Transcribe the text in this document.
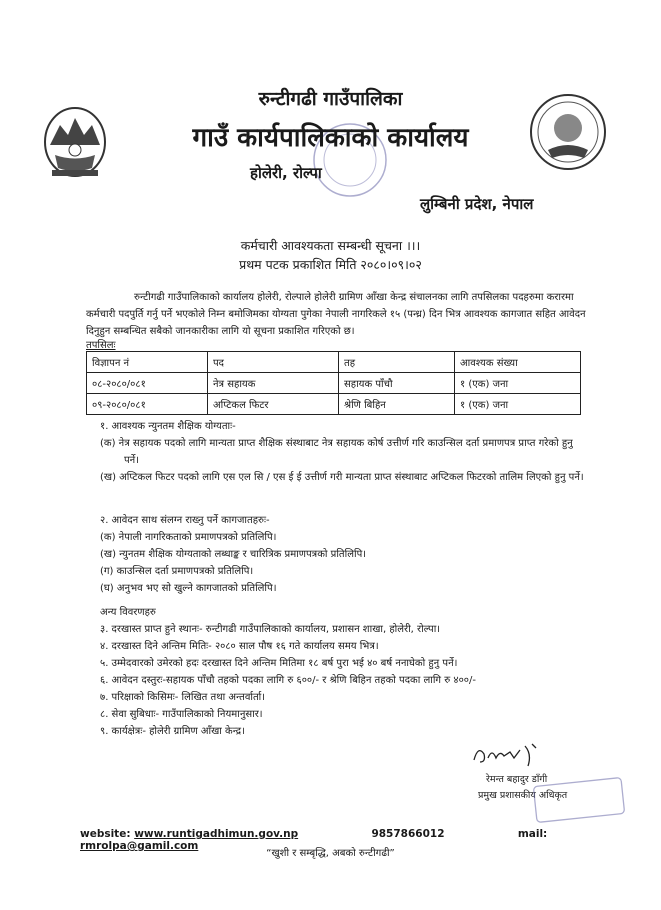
रुन्टीगढी गाउँपालिका
गाउँ कार्यपालिकाको कार्यालय
होलेरी, रोल्पा
लुम्बिनी प्रदेश, नेपाल
कर्मचारी आवश्यकता सम्बन्धी सूचना ।।।
प्रथम पटक प्रकाशित मिति २०८०।०९।०२
रुन्टीगढी गाउँपालिकाको कार्यालय होलेरी, रोल्पाले होलेरी ग्रामिण आँखा केन्द्र संचालनका लागि तपसिलका पदहरुमा करारमा कर्मचारी पदपुर्ति गर्नु पर्ने भएकोले निम्न बमोजिमका योग्यता पुगेका नेपाली नागरिकले १५ (पन्ध्र) दिन भित्र आवश्यक कागजात सहित आवेदन दिनुहुन सम्बन्धित सबैको जानकारीका लागि यो सूचना प्रकाशित गरिएको छ।
तपसिलः
विज्ञापन नं	पद	तह	आवश्यक संख्या
०८-२०८०/०८१	नेत्र सहायक	सहायक पाँचौ	१ (एक) जना
०९-२०८०/०८१	अप्टिकल फिटर	श्रेणि बिहिन	१ (एक) जना
१. आवश्यक न्युनतम शैक्षिक योग्यताः-
(क) नेत्र सहायक पदको लागि मान्यता प्राप्त शैक्षिक संस्थाबाट नेत्र सहायक कोर्ष उत्तीर्ण गरि काउन्सिल दर्ता प्रमाणपत्र प्राप्त गरेको हुनु पर्ने।
(ख) अप्टिकल फिटर पदको लागि एस एल सि / एस ई ई उत्तीर्ण गरी मान्यता प्राप्त संस्थाबाट अप्टिकल फिटरको तालिम लिएको हुनु पर्ने।
२. आवेदन साथ संलग्न राख्नु पर्ने कागजातहरुः-
(क) नेपाली नागरिकताको प्रमाणपत्रको प्रतिलिपि।
(ख) न्युनतम शैक्षिक योग्यताको लब्धाङ्क र चारित्रिक प्रमाणपत्रको प्रतिलिपि।
(ग) काउन्सिल दर्ता प्रमाणपत्रको प्रतिलिपि।
(घ) अनुभव भए सो खुल्ने कागजातको प्रतिलिपि।
अन्य विवरणहरु
३. दरखास्त प्राप्त हुने स्थानः- रुन्टीगढी गाउँपालिकाको कार्यालय, प्रशासन शाखा, होलेरी, रोल्पा।
४. दरखास्त दिने अन्तिम मितिः- २०८० साल पौष १६ गते कार्यालय समय भित्र।
५. उम्मेदवारको उमेरको हदः दरखास्त दिने अन्तिम मितिमा १८ बर्ष पुरा भई ४० बर्ष ननाघेको हुनु पर्ने।
६. आवेदन दस्तुरः-सहायक पाँचौ तहको पदका लागि रु ६००/- र श्रेणि बिहिन तहको पदका लागि रु ४००/-
७. परिक्षाको किसिमः- लिखित तथा अन्तर्वार्ता।
८. सेवा सुबिधाः- गाउँपालिकाको नियमानुसार।
९. कार्यक्षेत्रः- होलेरी ग्रामिण आँखा केन्द्र।
रेमन्त बहादुर डाँगी
प्रमुख प्रशासकीय अधिकृत
website: www.runtigadhimun.gov.np	9857866012	mail: rmrolpa@gamil.com
“खुशी र सम्बृद्धि, अबको रुन्टीगढी”
